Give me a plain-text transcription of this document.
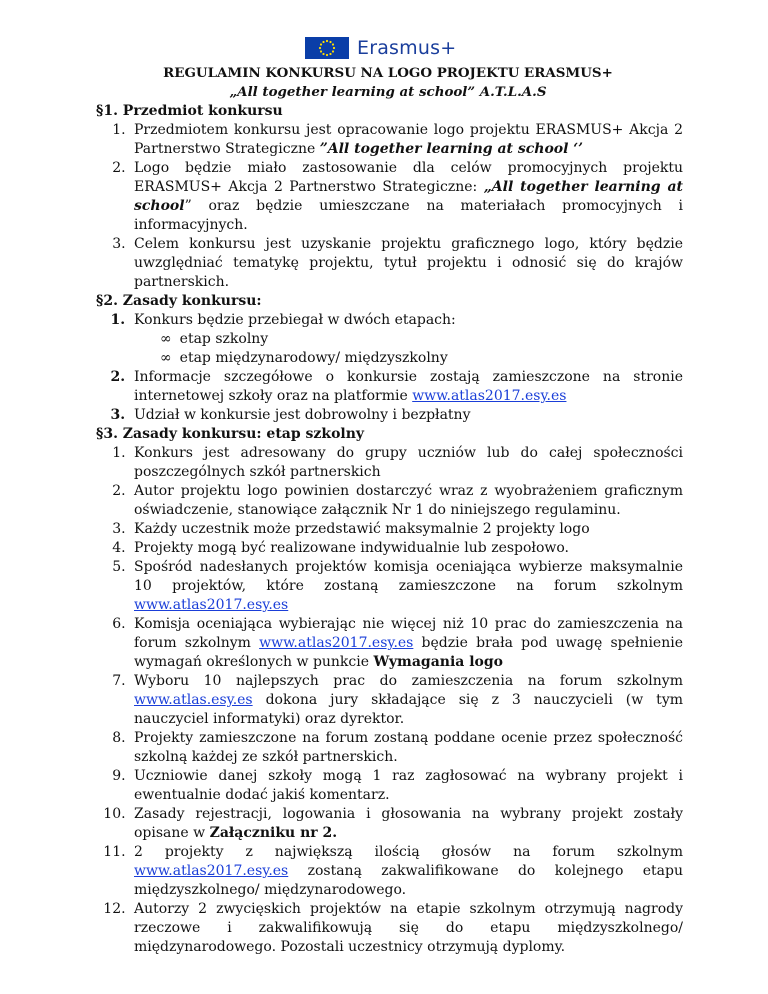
Erasmus+
REGULAMIN KONKURSU NA LOGO PROJEKTU ERASMUS+
„All together learning at school” A.T.L.A.S
§1. Przedmiot konkursu
1. Przedmiotem konkursu jest opracowanie logo projektu ERASMUS+ Akcja 2 Partnerstwo Strategiczne ”All together learning at school ‘’
2. Logo będzie miało zastosowanie dla celów promocyjnych projektu ERASMUS+ Akcja 2 Partnerstwo Strategiczne: „All together learning at school” oraz będzie umieszczane na materiałach promocyjnych i informacyjnych.
3. Celem konkursu jest uzyskanie projektu graficznego logo, który będzie uwzględniać tematykę projektu, tytuł projektu i odnosić się do krajów partnerskich.
§2. Zasady konkursu:
1. Konkurs będzie przebiegał w dwóch etapach:
∞ etap szkolny
∞ etap międzynarodowy/ międzyszkolny
2. Informacje szczegółowe o konkursie zostają zamieszczone na stronie internetowej szkoły oraz na platformie www.atlas2017.esy.es
3. Udział w konkursie jest dobrowolny i bezpłatny
§3. Zasady konkursu: etap szkolny
1. Konkurs jest adresowany do grupy uczniów lub do całej społeczności poszczególnych szkół partnerskich
2. Autor projektu logo powinien dostarczyć wraz z wyobrażeniem graficznym oświadczenie, stanowiące załącznik Nr 1 do niniejszego regulaminu.
3. Każdy uczestnik może przedstawić maksymalnie 2 projekty logo
4. Projekty mogą być realizowane indywidualnie lub zespołowo.
5. Spośród nadesłanych projektów komisja oceniająca wybierze maksymalnie 10 projektów, które zostaną zamieszczone na forum szkolnym www.atlas2017.esy.es
6. Komisja oceniająca wybierając nie więcej niż 10 prac do zamieszczenia na forum szkolnym www.atlas2017.esy.es będzie brała pod uwagę spełnienie wymagań określonych w punkcie Wymagania logo
7. Wyboru 10 najlepszych prac do zamieszczenia na forum szkolnym www.atlas.esy.es dokona jury składające się z 3 nauczycieli (w tym nauczyciel informatyki) oraz dyrektor.
8. Projekty zamieszczone na forum zostaną poddane ocenie przez społeczność szkolną każdej ze szkół partnerskich.
9. Uczniowie danej szkoły mogą 1 raz zagłosować na wybrany projekt i ewentualnie dodać jakiś komentarz.
10. Zasady rejestracji, logowania i głosowania na wybrany projekt zostały opisane w Załączniku nr 2.
11. 2 projekty z największą ilością głosów na forum szkolnym www.atlas2017.esy.es zostaną zakwalifikowane do kolejnego etapu międzyszkolnego/ międzynarodowego.
12. Autorzy 2 zwycięskich projektów na etapie szkolnym otrzymują nagrody rzeczowe i zakwalifikowują się do etapu międzyszkolnego/ międzynarodowego. Pozostali uczestnicy otrzymują dyplomy.
